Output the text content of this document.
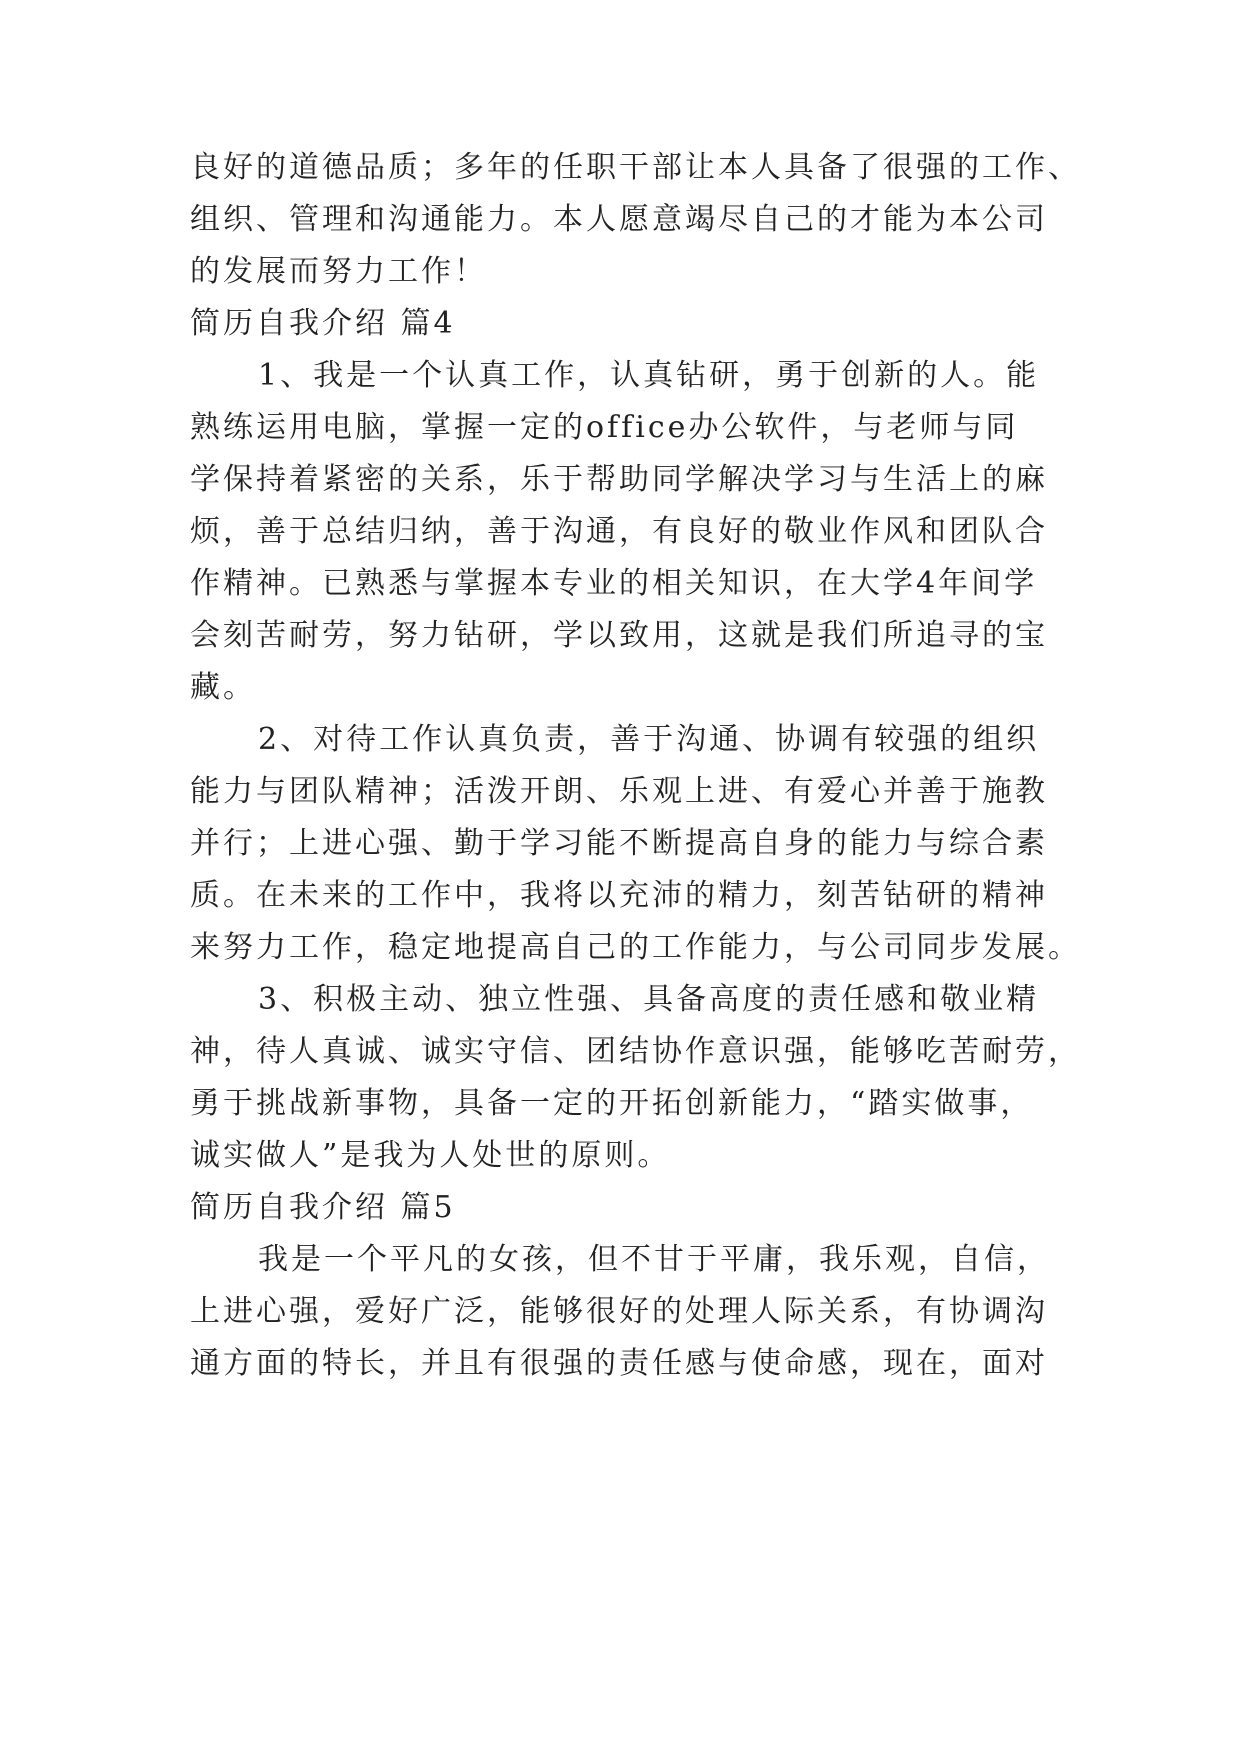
良好的道德品质；多年的任职干部让本人具备了很强的工作、
组织、管理和沟通能力。本人愿意竭尽自己的才能为本公司
的发展而努力工作！
简历自我介绍 篇4
1、我是一个认真工作，认真钻研，勇于创新的人。能
熟练运用电脑，掌握一定的office办公软件，与老师与同
学保持着紧密的关系，乐于帮助同学解决学习与生活上的麻
烦，善于总结归纳，善于沟通，有良好的敬业作风和团队合
作精神。已熟悉与掌握本专业的相关知识，在大学4年间学
会刻苦耐劳，努力钻研，学以致用，这就是我们所追寻的宝
藏。
2、对待工作认真负责，善于沟通、协调有较强的组织
能力与团队精神；活泼开朗、乐观上进、有爱心并善于施教
并行；上进心强、勤于学习能不断提高自身的能力与综合素
质。在未来的工作中，我将以充沛的精力，刻苦钻研的精神
来努力工作，稳定地提高自己的工作能力，与公司同步发展。
3、积极主动、独立性强、具备高度的责任感和敬业精
神，待人真诚、诚实守信、团结协作意识强，能够吃苦耐劳，
勇于挑战新事物，具备一定的开拓创新能力，“踏实做事，
诚实做人”是我为人处世的原则。
简历自我介绍 篇5
我是一个平凡的女孩，但不甘于平庸，我乐观，自信，
上进心强，爱好广泛，能够很好的处理人际关系，有协调沟
通方面的特长，并且有很强的责任感与使命感，现在，面对
